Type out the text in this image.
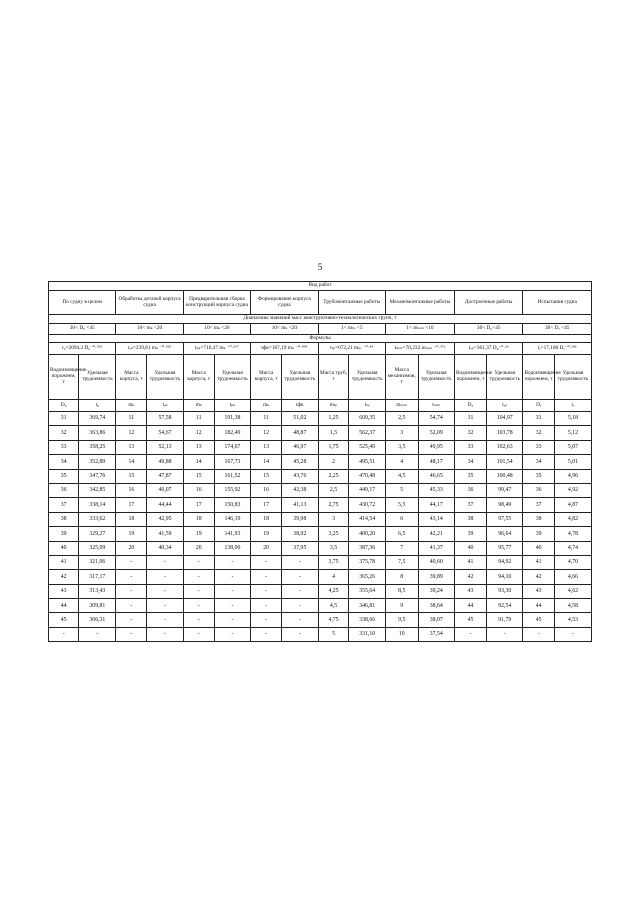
5
Вид работ															
По судну в целом		Обработка деталей корпуса судна		Предварительная сборка конструкций корпуса судна		Формирование корпуса судна		Трубомонтажные работы		Механомонтажные работы		Достроечные работы		Испытания судна	
Диапазоны значений масс конструктивно-технологических групп, т															
30< D₀ <45		10< mₖ <20		10< mₖ <20		10< mₖ <20		1< mₜₚ <5		1< mₘₘ <10		30< D₀<45		30< Dₑ <45	
Формулы															
t₀=2094,3 D₀⁻⁰·⁵⁹¹		tₒₖ=239,81 mₖ ⁻⁰·³⁶⁹		tₚₖ=710,47 mₖ ⁻⁰·⁵⁶⁷		tфк=167,19 mₖ ⁻⁰·⁴⁹⁹		tₜₚ=672,21 mₜₚ ⁻⁰·⁴⁴		tₘₘ=70,232 mₘₘ ⁻⁰·²⁷²		tₐₚ=361,37 D₀⁻⁰·³⁶		tₑ=17,108 Dₑ⁻⁰·³⁴⁶	
Водоизмещение порожнем, т	Удельная трудоемкость	Масса корпуса, т	Удельная трудоемкость	Масса корпуса, т	Удельная трудоемкость	Масса корпуса, т	Удельная трудоемкость	Масса труб, т	Удельная трудоемкость	Масса механизмов, т	Удельная трудоемкость	Водоизмещение порожнем, т	Удельная трудоемкость	Водоизмещение порожнем, т	Удельная трудоемкость
D₀	t₀	mₖ	tₒₖ	mₖ	tₚₖ	mₖ	tфк	mₜₚ	tₜₚ	mₘₘ	tₘₘ	D₀	tₐₚ	Dₑ	tₑ
31	369,74	11	57,58	11	191,38	11	51,02	1,25	609,35	2,5	54,74	31	104,97	31	5,18
32	363,86	12	54,67	12	182,49	12	48,87	1,5	562,37	3	52,09	32	103,78	32	5,12
33	358,25	13	52,13	13	174,67	13	46,97	1,75	525,49	3,5	49,95	33	102,63	33	5,07
34	352,89	14	49,88	14	167,73	14	45,28	2	495,51	4	48,17	34	101,54	34	5,01
35	347,76	15	47,87	15	161,52	15	43,76	2,25	470,48	4,5	46,65	35	100,48	35	4,96
36	342,85	16	46,07	16	155,92	16	42,38	2,5	449,17	5	45,33	36	99,47	36	4,92
37	338,14	17	44,44	17	150,83	17	41,13	2,75	430,72	5,5	44,17	37	98,49	37	4,87
38	333,62	18	42,95	18	146,19	18	39,98	3	414,54	6	43,14	38	97,55	38	4,82
39	329,27	19	41,59	19	141,93	19	38,92	3,25	400,20	6,5	42,21	39	96,64	39	4,78
40	325,09	20	40,34	20	138,00	20	37,95	3,5	387,36	7	41,37	40	95,77	40	4,74
41	321,06	-	-	-	-	-	-	3,75	375,78	7,5	40,60	41	94,92	41	4,70
42	317,17	-	-	-	-	-	-	4	365,26	8	39,89	42	94,10	42	4,66
43	313,43	-	-	-	-	-	-	4,25	355,64	8,5	39,24	43	93,30	43	4,62
44	309,81	-	-	-	-	-	-	4,5	346,81	9	38,64	44	92,54	44	4,58
45	306,31	-	-	-	-	-	-	4,75	338,66	9,5	38,07	45	91,79	45	4,53
-	-	-	-	-	-	-	-	5	331,10	10	37,54	-	-	-	-
